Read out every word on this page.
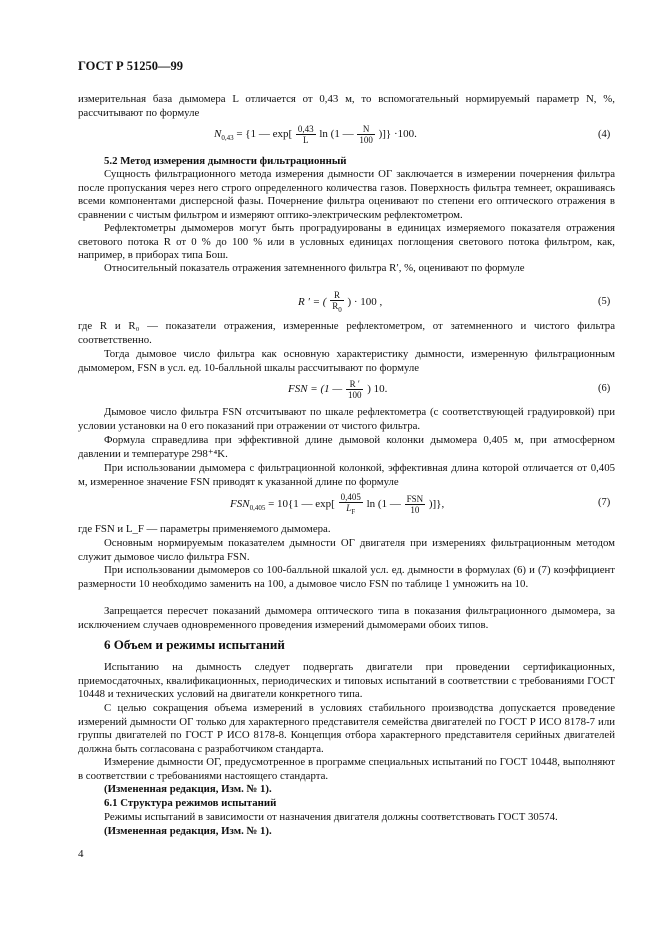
ГОСТ Р 51250—99
измерительная база дымомера L отличается от 0,43 м, то вспомогательный нормируемый параметр N, %, рассчитывают по формуле
$N_{0,43} = \{1$ — $\exp[ \frac{0,43}{L}$ ln (1 — $\frac{N}{100}$ )]} ·100.	(4)
5.2 Метод измерения дымности фильтрационный
Сущность фильтрационного метода измерения дымности ОГ заключается в измерении почернения фильтра после пропускания через него строго определенного количества газов. Поверхность фильтра темнеет, окрашиваясь всеми компонентами дисперсной фазы. Почернение фильтра оценивают по степени его оптического отражения в сравнении с чистым фильтром и измеряют оптико-электрическим рефлектометром.
Рефлектометры дымомеров могут быть проградуированы в единицах измеряемого показателя отражения светового потока R от 0 % до 100 % или в условных единицах поглощения светового потока фильтром, как, например, в приборах типа Бош.
Относительный показатель отражения затемненного фильтра R′, %, оценивают по формуле
R ′ = ( $\frac{R}{R_0}$ ) · 100 ,	(5)
где R и R₀ — показатели отражения, измеренные рефлектометром, от затемненного и чистого фильтра соответственно.
Тогда дымовое число фильтра как основную характеристику дымности, измеренную фильтрационным дымомером, FSN в усл. ед. 10-балльной шкалы рассчитывают по формуле
FSN = (1 — $\frac{R '}{100}$ ) 10.	(6)
Дымовое число фильтра FSN отсчитывают по шкале рефлектометра (с соответствующей градуировкой) при условии установки на 0 его показаний при отражении от чистого фильтра.
Формула справедлива при эффективной длине дымовой колонки дымомера 0,405 м, при атмосферном давлении и температуре 298⁺⁴K.
При использовании дымомера с фильтрационной колонкой, эффективная длина которой отличается от 0,405 м, измеренное значение FSN приводят к указанной длине по формуле
$FSN_{0,405} = 10\{1$ — $\exp[ \frac{0,405}{L_F}$ ln (1 — $\frac{\text{FSN}}{10}$ )]},	(7)
где FSN и L_F — параметры применяемого дымомера.
Основным нормируемым показателем дымности ОГ двигателя при измерениях фильтрационным методом служит дымовое число фильтра FSN.
При использовании дымомеров со 100-балльной шкалой усл. ед. дымности в формулах (6) и (7) коэффициент размерности 10 необходимо заменить на 100, а дымовое число FSN по таблице 1 умножить на 10.
Запрещается пересчет показаний дымомера оптического типа в показания фильтрационного дымомера, за исключением случаев одновременного проведения измерений дымомерами обоих типов.
6 Объем и режимы испытаний
Испытанию на дымность следует подвергать двигатели при проведении сертификационных, приемосдаточных, квалификационных, периодических и типовых испытаний в соответствии с требованиями ГОСТ 10448 и технических условий на двигатели конкретного типа.
С целью сокращения объема измерений в условиях стабильного производства допускается проведение измерений дымности ОГ только для характерного представителя семейства двигателей по ГОСТ Р ИСО 8178-7 или группы двигателей по ГОСТ Р ИСО 8178-8. Концепция отбора характерного представителя серийных двигателей должна быть согласована с разработчиком стандарта.
Измерение дымности ОГ, предусмотренное в программе специальных испытаний по ГОСТ 10448, выполняют в соответствии с требованиями настоящего стандарта.
(Измененная редакция, Изм. № 1).
6.1 Структура режимов испытаний
Режимы испытаний в зависимости от назначения двигателя должны соответствовать ГОСТ 30574.
(Измененная редакция, Изм. № 1).
4
